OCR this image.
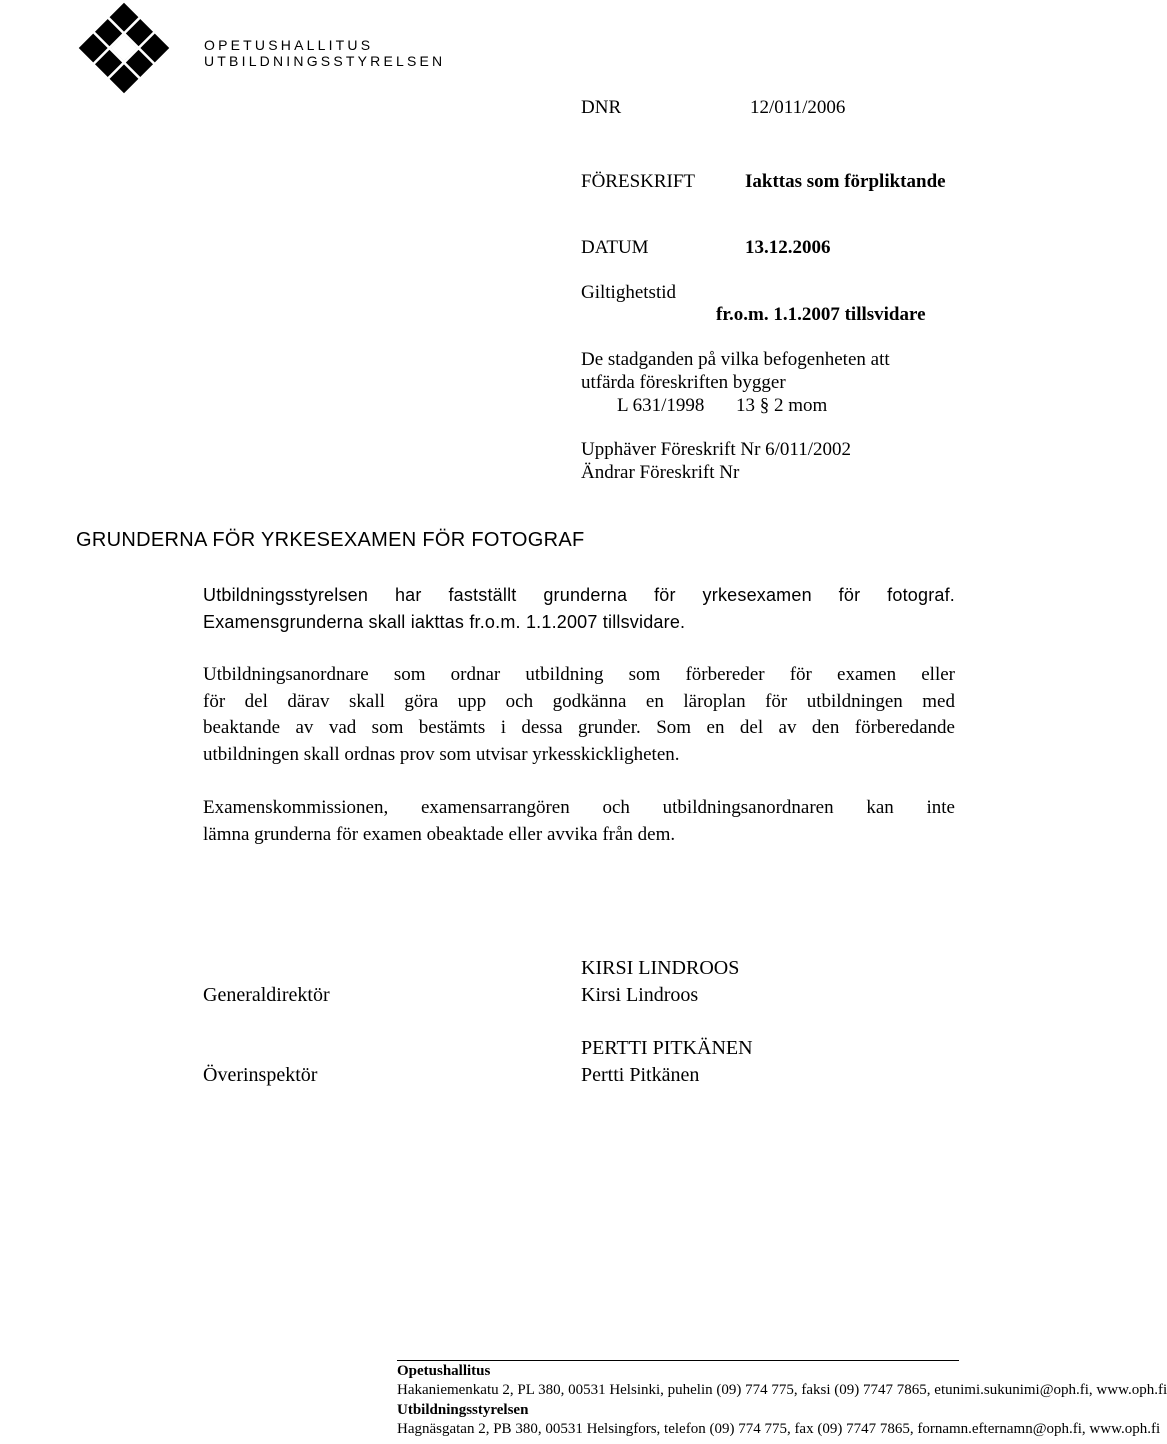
OPETUSHALLITUS
UTBILDNINGSSTYRELSEN
DNR	12/011/2006
FÖRESKRIFT	Iakttas som förpliktande
DATUM	13.12.2006
Giltighetstid
fr.o.m. 1.1.2007 tillsvidare
De stadganden på vilka befogenheten att
utfärda föreskriften bygger
L 631/1998 13 § 2 mom
Upphäver Föreskrift Nr 6/011/2002
Ändrar Föreskrift Nr
GRUNDERNA FÖR YRKESEXAMEN FÖR FOTOGRAF
Utbildningsstyrelsen har fastställt grunderna för yrkesexamen för fotograf.
Examensgrunderna skall iakttas fr.o.m. 1.1.2007 tillsvidare.
Utbildningsanordnare som ordnar utbildning som förbereder för examen eller
för del därav skall göra upp och godkänna en läroplan för utbildningen med
beaktande av vad som bestämts i dessa grunder. Som en del av den förberedande
utbildningen skall ordnas prov som utvisar yrkesskickligheten.
Examenskommissionen, examensarrangören och utbildningsanordnaren kan inte
lämna grunderna för examen obeaktade eller avvika från dem.
Generaldirektör
KIRSI LINDROOS
Kirsi Lindroos
Överinspektör
PERTTI PITKÄNEN
Pertti Pitkänen
Opetushallitus
Hakaniemenkatu 2, PL 380, 00531 Helsinki, puhelin (09) 774 775, faksi (09) 7747 7865, etunimi.sukunimi@oph.fi, www.oph.fi
Utbildningsstyrelsen
Hagnäsgatan 2, PB 380, 00531 Helsingfors, telefon (09) 774 775, fax (09) 7747 7865, fornamn.efternamn@oph.fi, www.oph.fi
